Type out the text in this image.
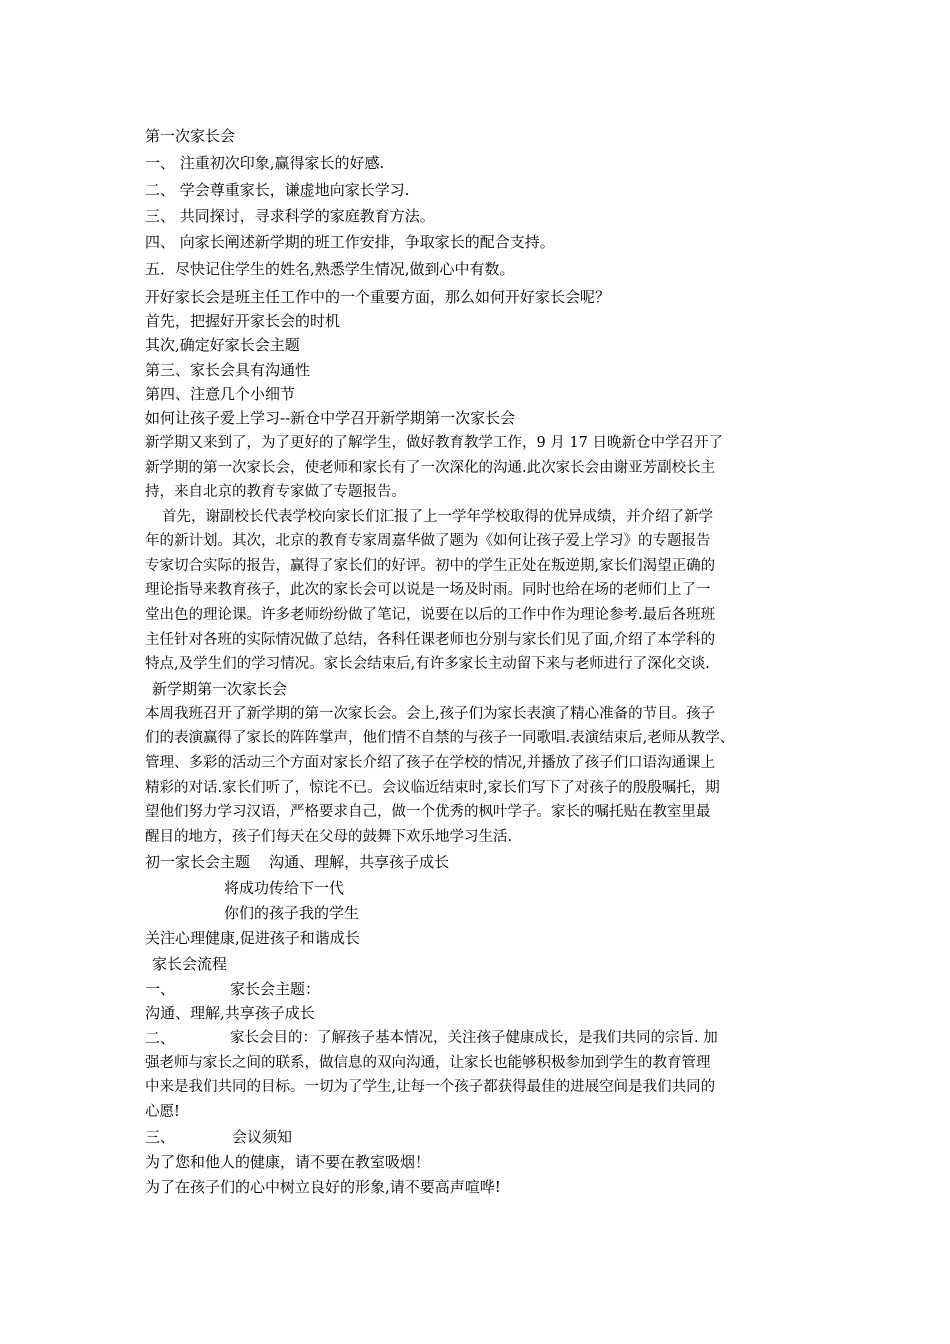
第一次家长会
一、 注重初次印象,赢得家长的好感.
二、 学会尊重家长，谦虚地向家长学习.
三、 共同探讨，寻求科学的家庭教育方法。
四、 向家长阐述新学期的班工作安排，争取家长的配合支持。
五．尽快记住学生的姓名,熟悉学生情况,做到心中有数。
开好家长会是班主任工作中的一个重要方面，那么如何开好家长会呢？
首先，把握好开家长会的时机
其次,确定好家长会主题
第三、家长会具有沟通性
第四、注意几个小细节
如何让孩子爱上学习--新仓中学召开新学期第一次家长会
新学期又来到了，为了更好的了解学生，做好教育教学工作，9 月 17 日晚新仓中学召开了
新学期的第一次家长会，使老师和家长有了一次深化的沟通.此次家长会由谢亚芳副校长主
持，来自北京的教育专家做了专题报告。
首先，谢副校长代表学校向家长们汇报了上一学年学校取得的优异成绩，并介绍了新学
年的新计划。其次，北京的教育专家周嘉华做了题为《如何让孩子爱上学习》的专题报告
专家切合实际的报告，赢得了家长们的好评。初中的学生正处在叛逆期,家长们渴望正确的
理论指导来教育孩子，此次的家长会可以说是一场及时雨。同时也给在场的老师们上了一
堂出色的理论课。许多老师纷纷做了笔记，说要在以后的工作中作为理论参考.最后各班班
主任针对各班的实际情况做了总结，各科任课老师也分别与家长们见了面,介绍了本学科的
特点,及学生们的学习情况。家长会结束后,有许多家长主动留下来与老师进行了深化交谈.
新学期第一次家长会
本周我班召开了新学期的第一次家长会。会上,孩子们为家长表演了精心准备的节目。孩子
们的表演赢得了家长的阵阵掌声，他们情不自禁的与孩子一同歌唱.表演结束后,老师从教学、
管理、多彩的活动三个方面对家长介绍了孩子在学校的情况,并播放了孩子们口语沟通课上
精彩的对话.家长们听了，惊诧不已。会议临近结束时,家长们写下了对孩子的殷殷嘱托，期
望他们努力学习汉语，严格要求自己，做一个优秀的枫叶学子。家长的嘱托贴在教室里最
醒目的地方，孩子们每天在父母的鼓舞下欢乐地学习生活.
初一家长会主题    沟通、理解，共享孩子成长
将成功传给下一代
你们的孩子我的学生
关注心理健康,促进孩子和谐成长
家长会流程
一、	家长会主题：
沟通、理解,共享孩子成长
二、	家长会目的：了解孩子基本情况，关注孩子健康成长，是我们共同的宗旨. 加
强老师与家长之间的联系，做信息的双向沟通，让家长也能够积极参加到学生的教育管理
中来是我们共同的目标。一切为了学生,让每一个孩子都获得最佳的进展空间是我们共同的
心愿!
三、	会议须知
为了您和他人的健康，请不要在教室吸烟！
为了在孩子们的心中树立良好的形象,请不要高声喧哗!
